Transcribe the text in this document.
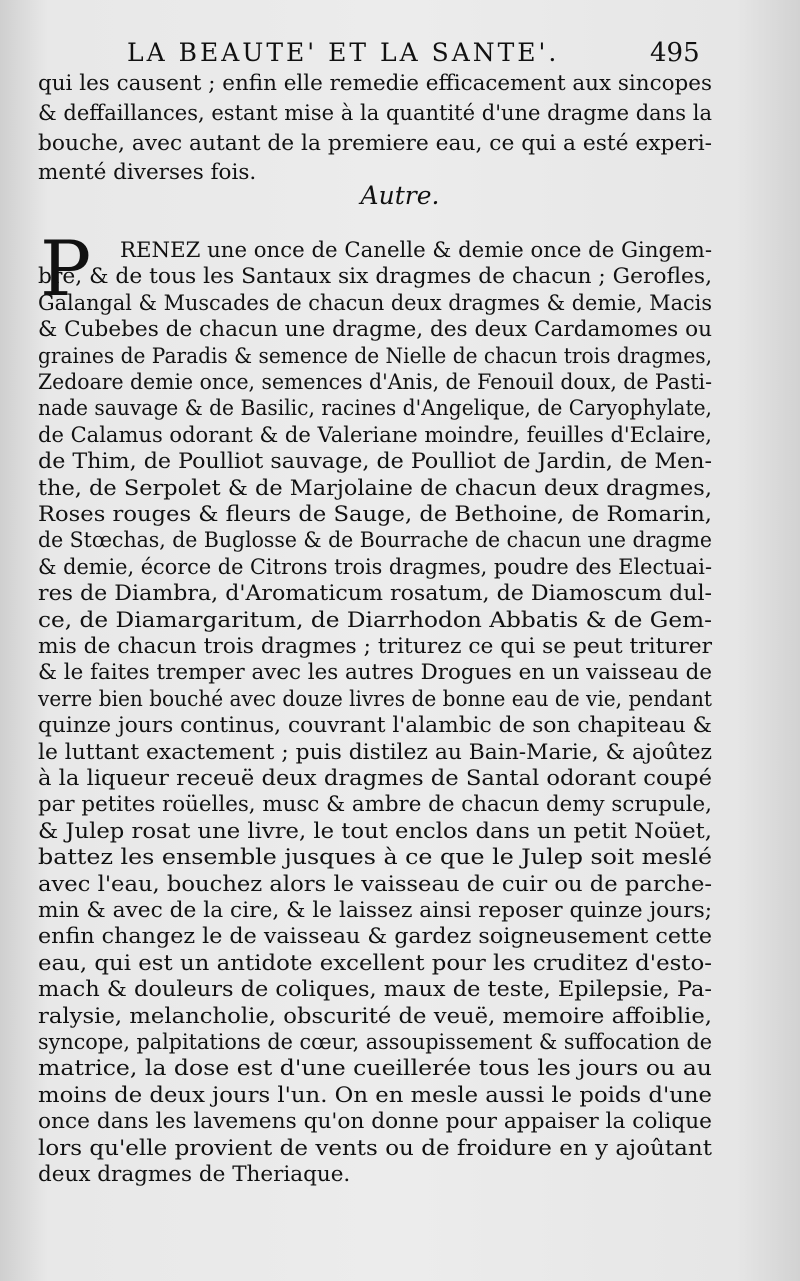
LA BEAUTE' ET LA SANTE'.	495
qui les causent ; enfin elle remedie efficacement aux sincopes
& deffaillances, estant mise à la quantité d'une dragme dans la
bouche, avec autant de la premiere eau, ce qui a esté experi-
menté diverses fois.
Autre.
P	RENEZ une once de Canelle & demie once de Gingem-
bre, & de tous les Santaux six dragmes de chacun ; Gerofles,
Galangal & Muscades de chacun deux dragmes & demie, Macis
& Cubebes de chacun une dragme, des deux Cardamomes ou
graines de Paradis & semence de Nielle de chacun trois dragmes,
Zedoare demie once, semences d'Anis, de Fenouil doux, de Pasti-
nade sauvage & de Basilic, racines d'Angelique, de Caryophylate,
de Calamus odorant & de Valeriane moindre, feuilles d'Eclaire,
de Thim, de Poulliot sauvage, de Poulliot de Jardin, de Men-
the, de Serpolet & de Marjolaine de chacun deux dragmes,
Roses rouges & fleurs de Sauge, de Bethoine, de Romarin,
de Stœchas, de Buglosse & de Bourrache de chacun une dragme
& demie, écorce de Citrons trois dragmes, poudre des Electuai-
res de Diambra, d'Aromaticum rosatum, de Diamoscum dul-
ce, de Diamargaritum, de Diarrhodon Abbatis & de Gem-
mis de chacun trois dragmes ; triturez ce qui se peut triturer
& le faites tremper avec les autres Drogues en un vaisseau de
verre bien bouché avec douze livres de bonne eau de vie, pendant
quinze jours continus, couvrant l'alambic de son chapiteau &
le luttant exactement ; puis distilez au Bain-Marie, & ajoûtez
à la liqueur receuë deux dragmes de Santal odorant coupé
par petites roüelles, musc & ambre de chacun demy scrupule,
& Julep rosat une livre, le tout enclos dans un petit Noüet,
battez les ensemble jusques à ce que le Julep soit meslé
avec l'eau, bouchez alors le vaisseau de cuir ou de parche-
min & avec de la cire, & le laissez ainsi reposer quinze jours;
enfin changez le de vaisseau & gardez soigneusement cette
eau, qui est un antidote excellent pour les cruditez d'esto-
mach & douleurs de coliques, maux de teste, Epilepsie, Pa-
ralysie, melancholie, obscurité de veuë, memoire affoiblie,
syncope, palpitations de cœur, assoupissement & suffocation de
matrice, la dose est d'une cueillerée tous les jours ou au
moins de deux jours l'un. On en mesle aussi le poids d'une
once dans les lavemens qu'on donne pour appaiser la colique
lors qu'elle provient de vents ou de froidure en y ajoûtant
deux dragmes de Theriaque.
